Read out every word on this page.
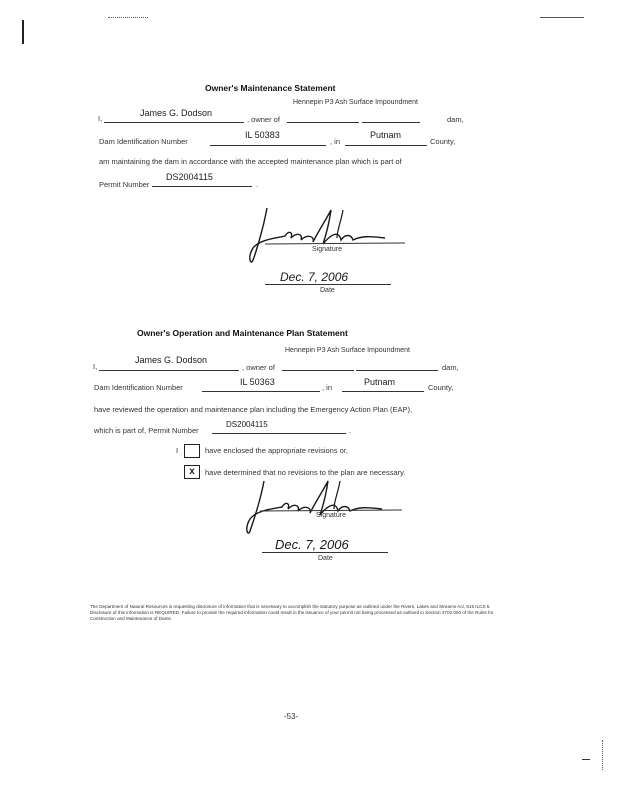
Owner's Maintenance Statement
Hennepin P3 Ash Surface Impoundment
I,
James G. Dodson
, owner of	dam,
Dam Identification Number
IL 50383
, in
Putnam
County,
am maintaining the dam in accordance with the accepted maintenance plan which is part of
Permit Number
DS2004115
.
Signature
Dec. 7, 2006
Date
Owner's Operation and Maintenance Plan Statement
Hennepin P3 Ash Surface Impoundment
I,
James G. Dodson
, owner of	dam,
Dam Identification Number
IL 50363
, in
Putnam
County,
have reviewed the operation and maintenance plan including the Emergency Action Plan (EAP),
which is part of, Permit Number
DS2004115
.
I	have enclosed the appropriate revisions or,
x	have determined that no revisions to the plan are necessary.
Signature
Dec. 7, 2006
Date
The Department of Natural Resources is requesting disclosure of information that is necessary to accomplish the statutory purpose as outlined under the Rivers, Lakes and Streams Act, 615 ILCS 5. Disclosure of this information is REQUIRED. Failure to provide the required information could result in the issuance of your permit not being processed as outlined in Section 3702.000 of the Rules for Construction and Maintenance of Dams.
-53-
